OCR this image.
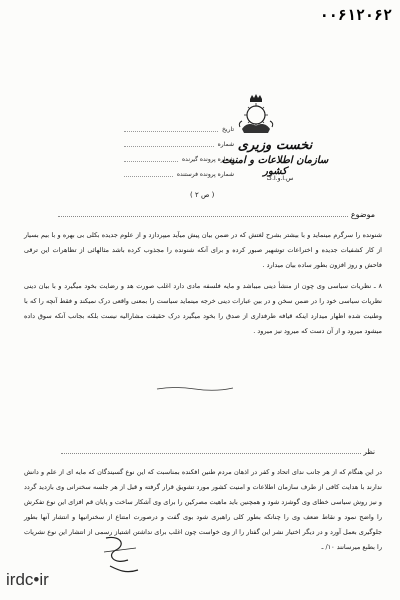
۰۰۶۱۲۰۶۲
تاریخ
شماره
شماره پرونده گیرنده
شماره پرونده فرستنده
نخست وزیری
سازمان اطلاعات و امنیت کشور
س.ا.و.ا.ک
( ص ۲ )
موضوع

شنونده را سرگرم مینماید و با بیشتر بشرح لغتش که در ضمن بیان پیش میآید میپردازد و از علوم جدیده بکلی بی بهره و با بیم بسیار از کار کشفیات جدیده و اختراعات توشهیر صبور کرده و برای آنکه شنونده را مجذوب کرده باشد مثالهائی از تظاهرات این ترقی فاحش و روز افزون بطور ساده بیان میدارد .

۸ ـ نظریات سیاسی وی چون از منشأ دینی میباشد و مایه فلسفه مادی دارد اغلب صورت هد و رضایت بخود میگیرد و با بیان دینی نظریات سیاسی خود را در ضمن سخن و در بین عبارات دینی خرجه مینماید سیاست را بمعنی واقعی درک نمیکند و فقط آنچه را که با وطنیت شده اظهار میدارد اینکه قیافه طرفداری از صدق را بخود میگیرد درک حقیقت مشارالیه نیست بلکه بجانب آنکه سوق داده میشود میرود و از آن دست که میرود نیز میرود .

نظر

در این هنگام که از هر جانب ندای اتحاد و کفر در اذهان مردم طنین افکنده بمناسبت که این نوع گسیندگان که مایه ای از علم و دانش ندارند با هدایت کافی از طرف سازمان اطلاعات و امنیت کشور مورد تشویق قرار گرفته و قبل از هر جلسه سخنرانی وی بازدید گردد و نیز روش سیاسی خطای وی گوشزد شود و همچنین باید ماهیت مصرکین را برای وی آشکار ساخت و پایان قم افزای این نوع تفکرش را واضح نمود و نقاط ضعف وی را چنانکه بطور کلی راهبری شود بوی گفت و درصورت امتناع از سخنرانیها و انتشار آنها بطور جلوگیری بعمل آورد و در دیگر اختیار نشر این گفتار را از وی خواست چون اغلب برای نداشتن اشتیاز رسمی از انتشار این نوع نشریات را بطبع میرسانند ۱۰/ ـ

irdc•ir
